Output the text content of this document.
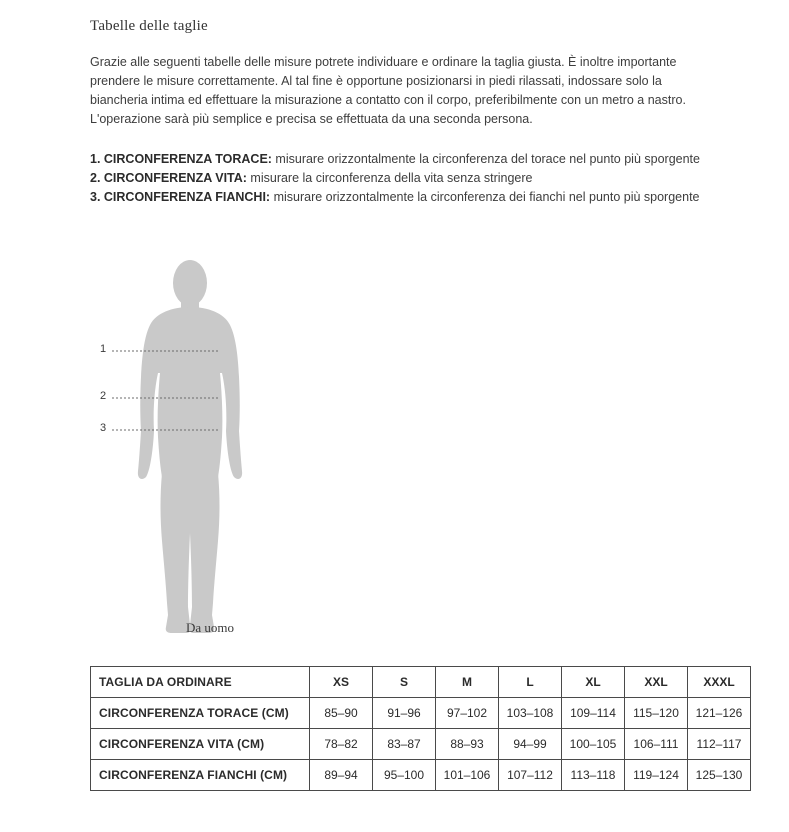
Tabelle delle taglie
Grazie alle seguenti tabelle delle misure potrete individuare e ordinare la taglia giusta. È inoltre importante prendere le misure correttamente. Al tal fine è opportune posizionarsi in piedi rilassati, indossare solo la biancheria intima ed effettuare la misurazione a contatto con il corpo, preferibilmente con un metro a nastro. L'operazione sarà più semplice e precisa se effettuata da una seconda persona.

1. CIRCONFERENZA TORACE: misurare orizzontalmente la circonferenza del torace nel punto più sporgente

2. CIRCONFERENZA VITA: misurare la circonferenza della vita senza stringere

3. CIRCONFERENZA FIANCHI: misurare orizzontalmente la circonferenza dei fianchi nel punto più sporgente

1
2
3
Da uomo
TAGLIA DA ORDINARE	XS	S	M	L	XL	XXL	XXXL
CIRCONFERENZA TORACE (CM)	85–90	91–96	97–102	103–108	109–114	115–120	121–126
CIRCONFERENZA VITA (CM)	78–82	83–87	88–93	94–99	100–105	106–111	112–117
CIRCONFERENZA FIANCHI (CM)	89–94	95–100	101–106	107–112	113–118	119–124	125–130
